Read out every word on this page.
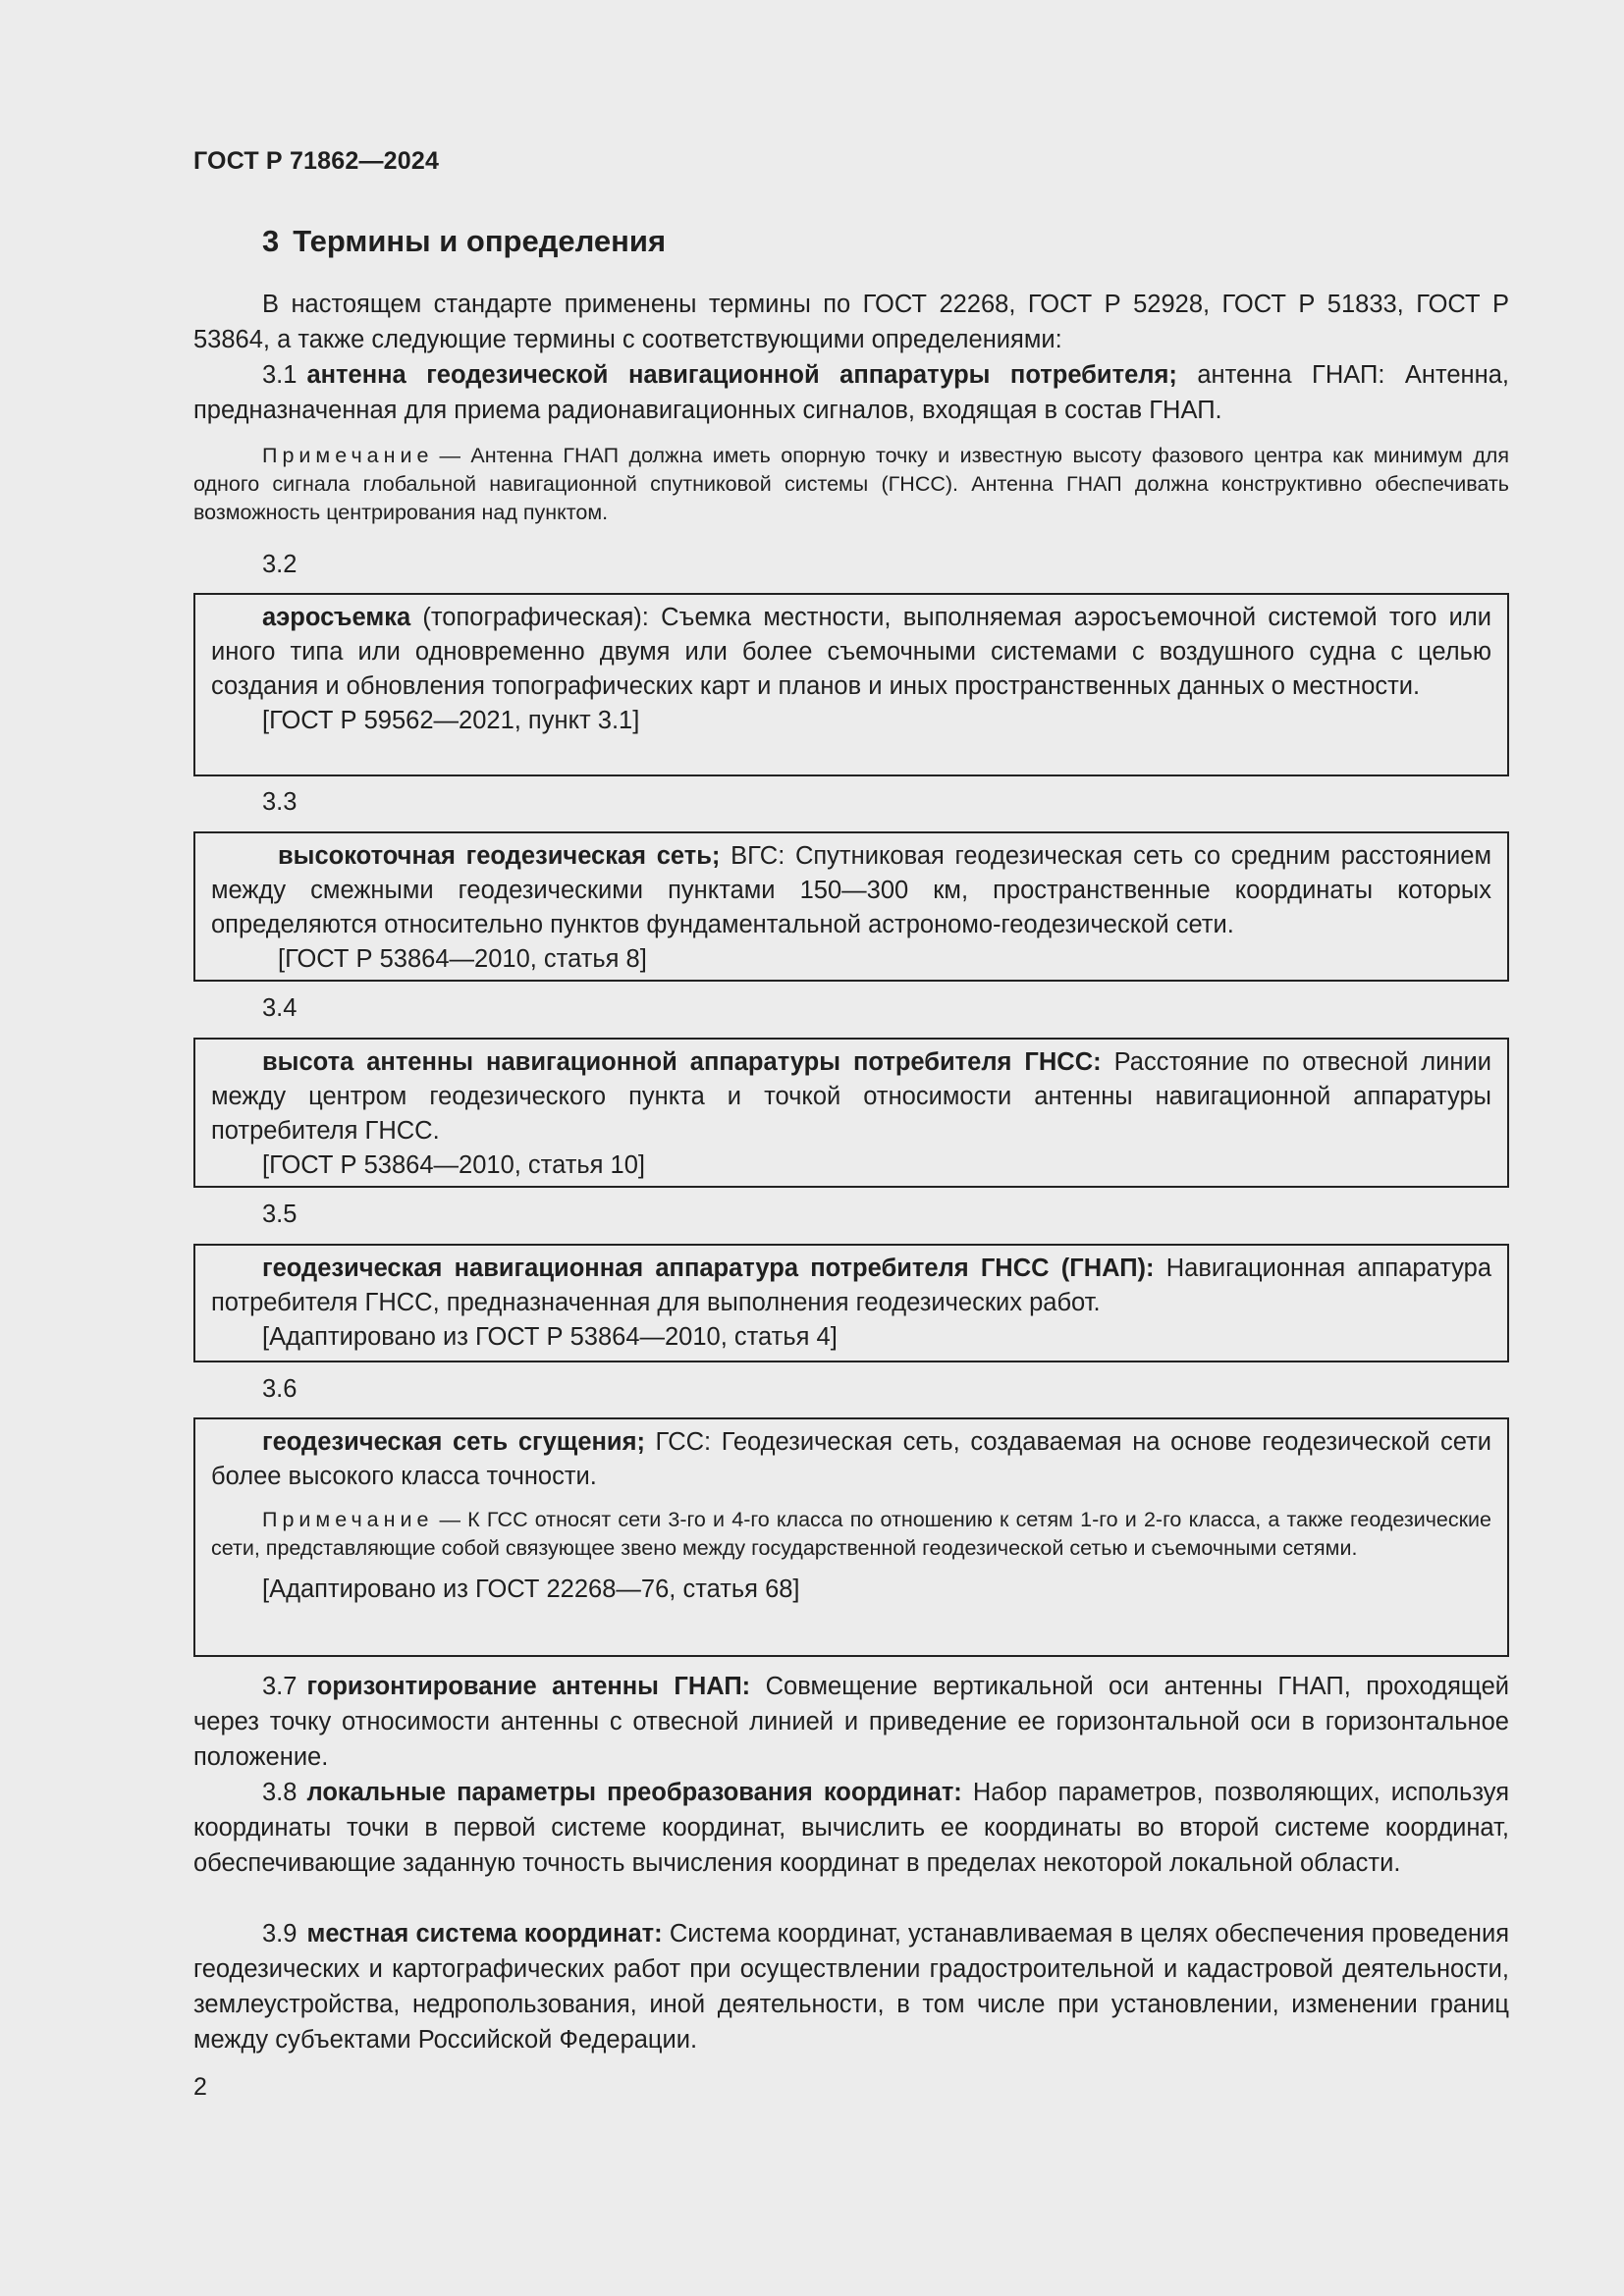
ГОСТ Р 71862—2024
3 Термины и определения
В настоящем стандарте применены термины по ГОСТ 22268, ГОСТ Р 52928, ГОСТ Р 51833, ГОСТ Р 53864, а также следующие термины с соответствующими определениями:
3.1 антенна геодезической навигационной аппаратуры потребителя; антенна ГНАП: Антенна, предназначенная для приема радионавигационных сигналов, входящая в состав ГНАП.
Примечание — Антенна ГНАП должна иметь опорную точку и известную высоту фазового центра как минимум для одного сигнала глобальной навигационной спутниковой системы (ГНСС). Антенна ГНАП должна конструктивно обеспечивать возможность центрирования над пунктом.
3.2

аэросъемка (топографическая): Съемка местности, выполняемая аэросъемочной системой того или иного типа или одновременно двумя или более съемочными системами с воздушного судна с целью создания и обновления топографических карт и планов и иных пространственных данных о местности.

[ГОСТ Р 59562—2021, пункт 3.1]

3.3

высокоточная геодезическая сеть; ВГС: Спутниковая геодезическая сеть со средним расстоянием между смежными геодезическими пунктами 150—300 км, пространственные координаты которых определяются относительно пунктов фундаментальной астрономо-геодезической сети.

[ГОСТ Р 53864—2010, статья 8]

3.4

высота антенны навигационной аппаратуры потребителя ГНСС: Расстояние по отвесной линии между центром геодезического пункта и точкой относимости антенны навигационной аппаратуры потребителя ГНСС.

[ГОСТ Р 53864—2010, статья 10]

3.5

геодезическая навигационная аппаратура потребителя ГНСС (ГНАП): Навигационная аппаратура потребителя ГНСС, предназначенная для выполнения геодезических работ.

[Адаптировано из ГОСТ Р 53864—2010, статья 4]

3.6

геодезическая сеть сгущения; ГСС: Геодезическая сеть, создаваемая на основе геодезической сети более высокого класса точности.

Примечание — К ГСС относят сети 3-го и 4-го класса по отношению к сетям 1-го и 2-го класса, а также геодезические сети, представляющие собой связующее звено между государственной геодезической сетью и съемочными сетями.

[Адаптировано из ГОСТ 22268—76, статья 68]

3.7 горизонтирование антенны ГНАП: Совмещение вертикальной оси антенны ГНАП, проходящей через точку относимости антенны с отвесной линией и приведение ее горизонтальной оси в горизонтальное положение.
3.8 локальные параметры преобразования координат: Набор параметров, позволяющих, используя координаты точки в первой системе координат, вычислить ее координаты во второй системе координат, обеспечивающие заданную точность вычисления координат в пределах некоторой локальной области.
3.9 местная система координат: Система координат, устанавливаемая в целях обеспечения проведения геодезических и картографических работ при осуществлении градостроительной и кадастровой деятельности, землеустройства, недропользования, иной деятельности, в том числе при установлении, изменении границ между субъектами Российской Федерации.
2
